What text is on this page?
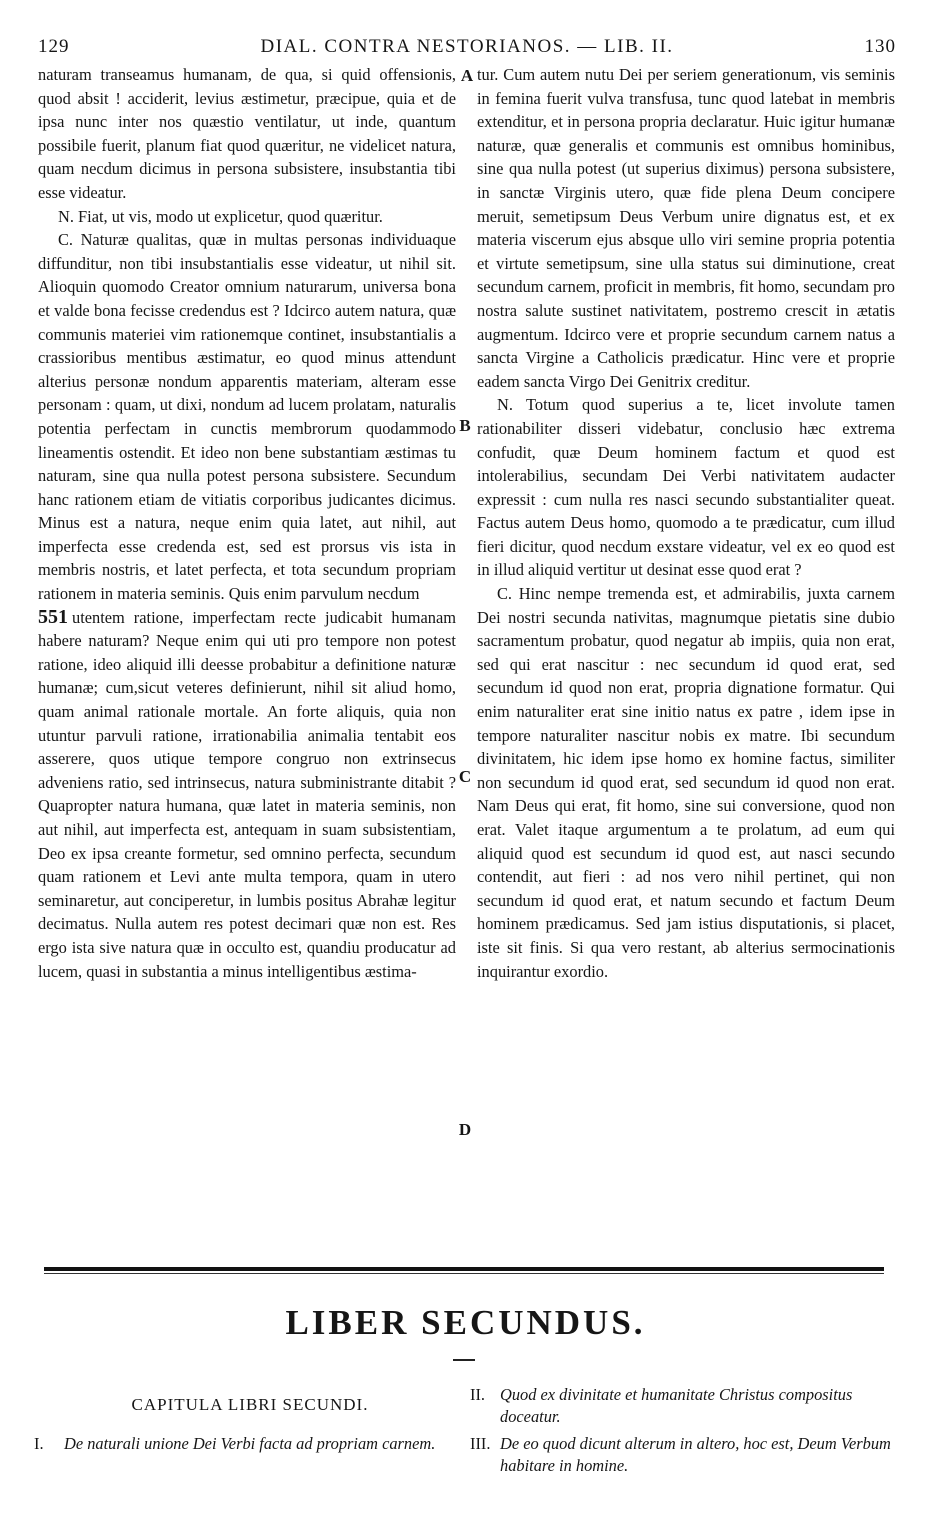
129	DIAL. CONTRA NESTORIANOS. — LIB. II.	130

naturam transeamus humanam, de qua, si quid offensionis, quod absit ! acciderit, levius æstimetur, præcipue, quia et de ipsa nunc inter nos quæstio ventilatur, ut inde, quantum possibile fuerit, planum fiat quod quæritur, ne videlicet natura, quam necdum dicimus in persona subsistere, insubstantia tibi esse videatur.

N. Fiat, ut vis, modo ut explicetur, quod quæritur.

C. Naturæ qualitas, quæ in multas personas individuaque diffunditur, non tibi insubstantialis esse videatur, ut nihil sit. Alioquin quomodo Creator omnium naturarum, universa bona et valde bona fecisse credendus est ? Idcirco autem natura, quæ communis materiei vim rationemque continet, insubstantialis a crassioribus mentibus æstimatur, eo quod minus attendunt alterius personæ nondum apparentis materiam, alteram esse personam : quam, ut dixi, nondum ad lucem prolatam, naturalis potentia perfectam in cunctis membrorum quodammodo lineamentis ostendit. Et ideo non bene substantiam æstimas tu naturam, sine qua nulla potest persona subsistere. Secundum hanc rationem etiam de vitiatis corporibus judicantes dicimus. Minus est a natura, neque enim quia latet, aut nihil, aut imperfecta esse credenda est, sed est prorsus vis ista in membris nostris, et latet perfecta, et tota secundum propriam rationem in materia seminis. Quis enim parvulum necdum
551 utentem ratione, imperfectam recte judicabit humanam habere naturam? Neque enim qui uti pro tempore non potest ratione, ideo aliquid illi deesse probabitur a definitione naturæ humanæ; cum,sicut veteres definierunt, nihil sit aliud homo, quam animal rationale mortale. An forte aliquis, quia non utuntur parvuli ratione, irrationabilia animalia tentabit eos asserere, quos utique tempore congruo non extrinsecus adveniens ratio, sed intrinsecus, natura subministrante ditabit ? Quapropter natura humana, quæ latet in materia seminis, non aut nihil, aut imperfecta est, antequam in suam subsistentiam, Deo ex ipsa creante formetur, sed omnino perfecta, secundum quam rationem et Levi ante multa tempora, quam in utero seminaretur, aut conciperetur, in lumbis positus Abrahæ legitur decimatus. Nulla autem res potest decimari quæ non est. Res ergo ista sive natura quæ in occulto est, quandiu producatur ad lucem, quasi in substantia a minus intelligentibus æstima-

tur. Cum autem nutu Dei per seriem generationum, vis seminis in femina fuerit vulva transfusa, tunc quod latebat in membris extenditur, et in persona propria declaratur. Huic igitur humanæ naturæ, quæ generalis et communis est omnibus hominibus, sine qua nulla potest (ut superius diximus) persona subsistere, in sanctæ Virginis utero, quæ fide plena Deum concipere meruit, semetipsum Deus Verbum unire dignatus est, et ex materia viscerum ejus absque ullo viri semine propria potentia et virtute semetipsum, sine ulla status sui diminutione, creat secundum carnem, proficit in membris, fit homo, secundam pro nostra salute sustinet nativitatem, postremo crescit in ætatis augmentum. Idcirco vere et proprie secundum carnem natus a sancta Virgine a Catholicis prædicatur. Hinc vere et proprie eadem sancta Virgo Dei Genitrix creditur.

N. Totum quod superius a te, licet involute tamen rationabiliter disseri videbatur, conclusio hæc extrema confudit, quæ Deum hominem factum et quod est intolerabilius, secundam Dei Verbi nativitatem audacter expressit : cum nulla res nasci secundo substantialiter queat. Factus autem Deus homo, quomodo a te prædicatur, cum illud fieri dicitur, quod necdum exstare videatur, vel ex eo quod est in illud aliquid vertitur ut desinat esse quod erat ?

C. Hinc nempe tremenda est, et admirabilis, juxta carnem Dei nostri secunda nativitas, magnumque pietatis sine dubio sacramentum probatur, quod negatur ab impiis, quia non erat, sed qui erat nascitur : nec secundum id quod erat, sed secundum id quod non erat, propria dignatione formatur. Qui enim naturaliter erat sine initio natus ex patre , idem ipse in tempore naturaliter nascitur nobis ex matre. Ibi secundum divinitatem, hic idem ipse homo ex homine factus, similiter non secundum id quod erat, sed secundum id quod non erat. Nam Deus qui erat, fit homo, sine sui conversione, quod non erat. Valet itaque argumentum a te prolatum, ad eum qui aliquid quod est secundum id quod est, aut nasci secundo contendit, aut fieri : ad nos vero nihil pertinet, qui non secundum id quod erat, et natum secundo et factum Deum hominem prædicamus. Sed jam istius disputationis, si placet, iste sit finis. Si qua vero restant, ab alterius sermocinationis inquirantur exordio.

A
B
C
D
LIBER SECUNDUS.
CAPITULA LIBRI SECUNDI.
I. De naturali unione Dei Verbi facta ad propriam carnem.
II. Quod ex divinitate et humanitate Christus compositus doceatur.
III. De eo quod dicunt alterum in altero, hoc est, Deum Verbum habitare in homine.
